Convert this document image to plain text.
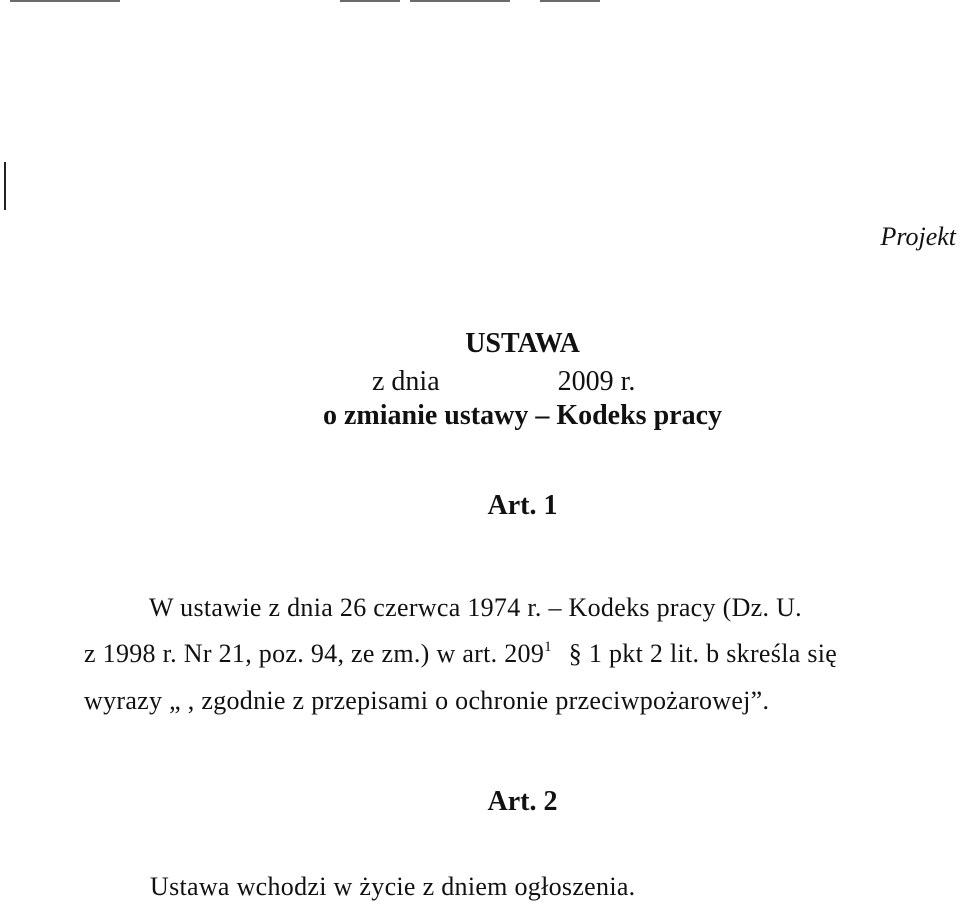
Projekt
USTAWA
z dnia	2009 r.
o zmianie ustawy – Kodeks pracy
Art. 1
W ustawie z dnia 26 czerwca 1974 r. – Kodeks pracy (Dz. U.
z 1998 r. Nr 21, poz. 94, ze zm.) w art. $209^1$ § 1 pkt 2 lit. b skreśla się
wyrazy „ , zgodnie z przepisami o ochronie przeciwpożarowej”.
Art. 2
Ustawa wchodzi w życie z dniem ogłoszenia.
